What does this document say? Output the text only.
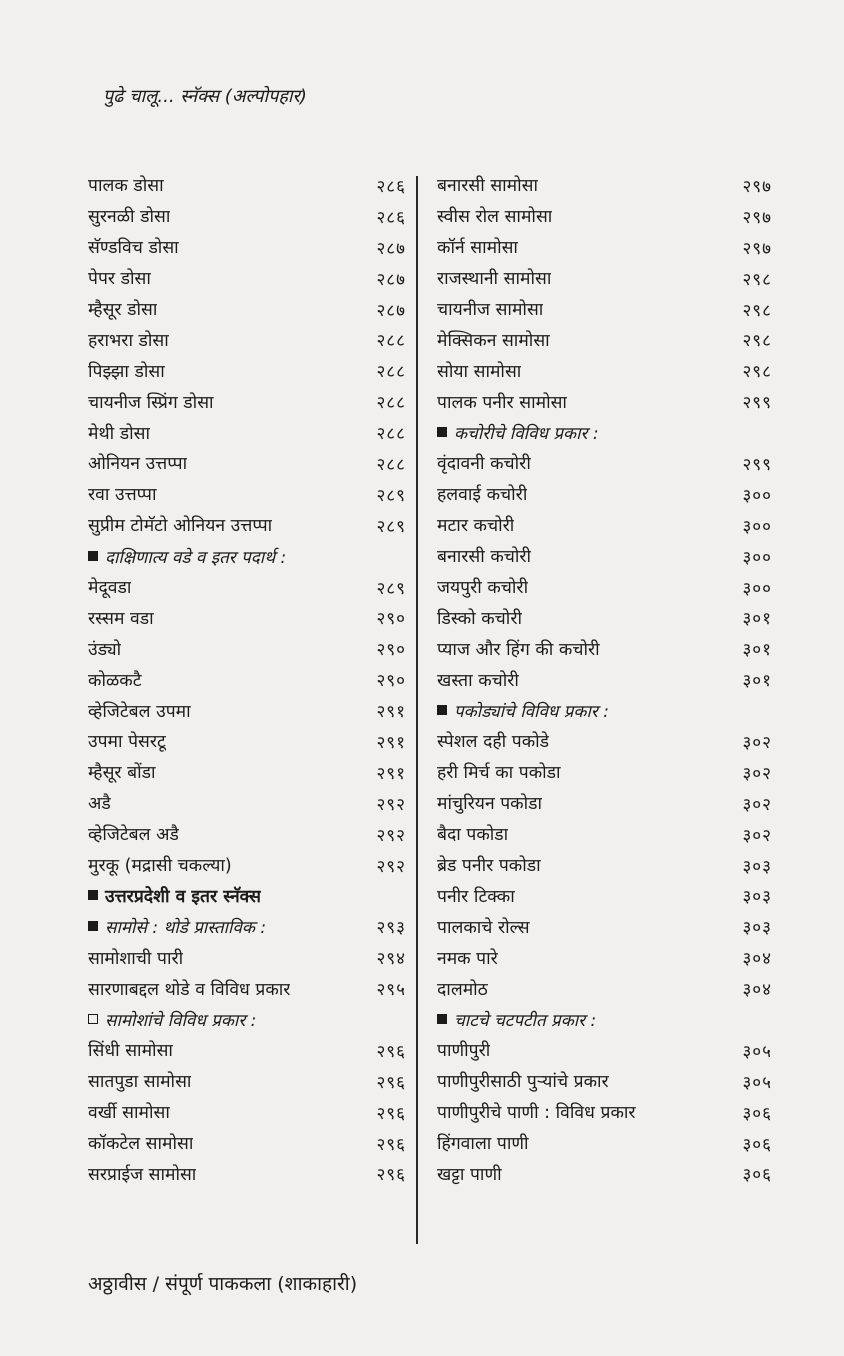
पुढे चालू... स्नॅक्स (अल्पोपहार)
पालक डोसा	२८६
सुरनळी डोसा	२८६
सॅण्डविच डोसा	२८७
पेपर डोसा	२८७
म्हैसूर डोसा	२८७
हराभरा डोसा	२८८
पिझ्झा डोसा	२८८
चायनीज स्प्रिंग डोसा	२८८
मेथी डोसा	२८८
ओनियन उत्तप्पा	२८८
रवा उत्तप्पा	२८९
सुप्रीम टोमॅटो ओनियन उत्तप्पा	२८९
दाक्षिणात्य वडे व इतर पदार्थ :
मेदूवडा	२८९
रस्सम वडा	२९०
उंड्यो	२९०
कोळकटै	२९०
व्हेजिटेबल उपमा	२९१
उपमा पेसरटू	२९१
म्हैसूर बोंडा	२९१
अडै	२९२
व्हेजिटेबल अडै	२९२
मुरकू (मद्रासी चकल्या)	२९२
उत्तरप्रदेशी व इतर स्नॅक्स
सामोसे : थोडे प्रास्ताविक :	२९३
सामोशाची पारी	२९४
सारणाबद्दल थोडे व विविध प्रकार	२९५
सामोशांचे विविध प्रकार :
सिंधी सामोसा	२९६
सातपुडा सामोसा	२९६
वर्खी सामोसा	२९६
कॉकटेल सामोसा	२९६
सरप्राईज सामोसा	२९६
बनारसी सामोसा	२९७
स्वीस रोल सामोसा	२९७
कॉर्न सामोसा	२९७
राजस्थानी सामोसा	२९८
चायनीज सामोसा	२९८
मेक्सिकन सामोसा	२९८
सोया सामोसा	२९८
पालक पनीर सामोसा	२९९
कचोरीचे विविध प्रकार :
वृंदावनी कचोरी	२९९
हलवाई कचोरी	३००
मटार कचोरी	३००
बनारसी कचोरी	३००
जयपुरी कचोरी	३००
डिस्को कचोरी	३०१
प्याज और हिंग की कचोरी	३०१
खस्ता कचोरी	३०१
पकोड्यांचे विविध प्रकार :
स्पेशल दही पकोडे	३०२
हरी मिर्च का पकोडा	३०२
मांचुरियन पकोडा	३०२
बैदा पकोडा	३०२
ब्रेड पनीर पकोडा	३०३
पनीर टिक्का	३०३
पालकाचे रोल्स	३०३
नमक पारे	३०४
दालमोठ	३०४
चाटचे चटपटीत प्रकार :
पाणीपुरी	३०५
पाणीपुरीसाठी पुऱ्यांचे प्रकार	३०५
पाणीपुरीचे पाणी : विविध प्रकार	३०६
हिंगवाला पाणी	३०६
खट्टा पाणी	३०६
अठ्ठावीस / संपूर्ण पाककला (शाकाहारी)
